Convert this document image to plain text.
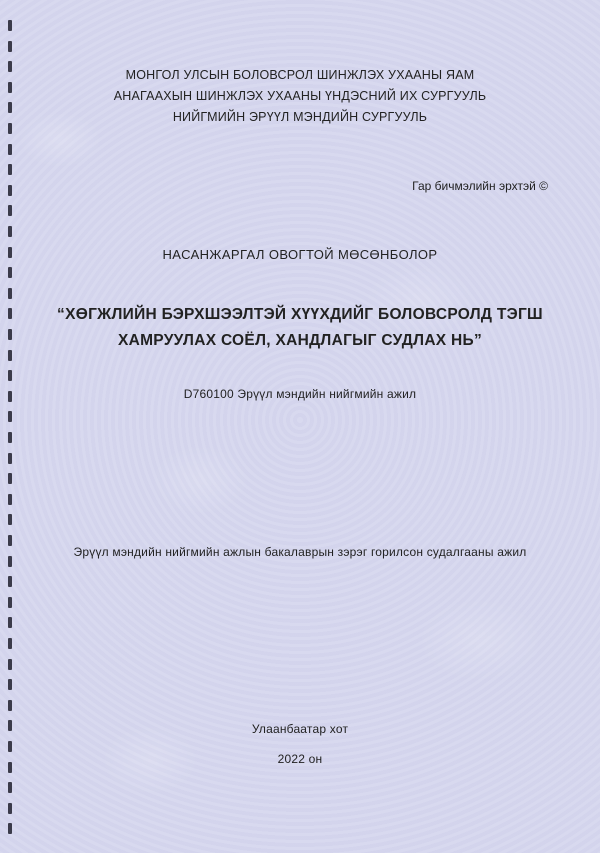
МОНГОЛ УЛСЫН БОЛОВСРОЛ ШИНЖЛЭХ УХААНЫ ЯАМ
АНАГААХЫН ШИНЖЛЭХ УХААНЫ ҮНДЭСНИЙ ИХ СУРГУУЛЬ
НИЙГМИЙН ЭРҮҮЛ МЭНДИЙН СУРГУУЛЬ
Гар бичмэлийн эрхтэй ©
НАСАНЖАРГАЛ ОВОГТОЙ МӨСӨНБОЛОР
“ХӨГЖЛИЙН БЭРХШЭЭЛТЭЙ ХҮҮХДИЙГ БОЛОВСРОЛД ТЭГШ
ХАМРУУЛАХ СОЁЛ, ХАНДЛАГЫГ СУДЛАХ НЬ”
D760100 Эрүүл мэндийн нийгмийн ажил
Эрүүл мэндийн нийгмийн ажлын бакалаврын зэрэг горилсон судалгааны ажил
Улаанбаатар хот
2022 он
